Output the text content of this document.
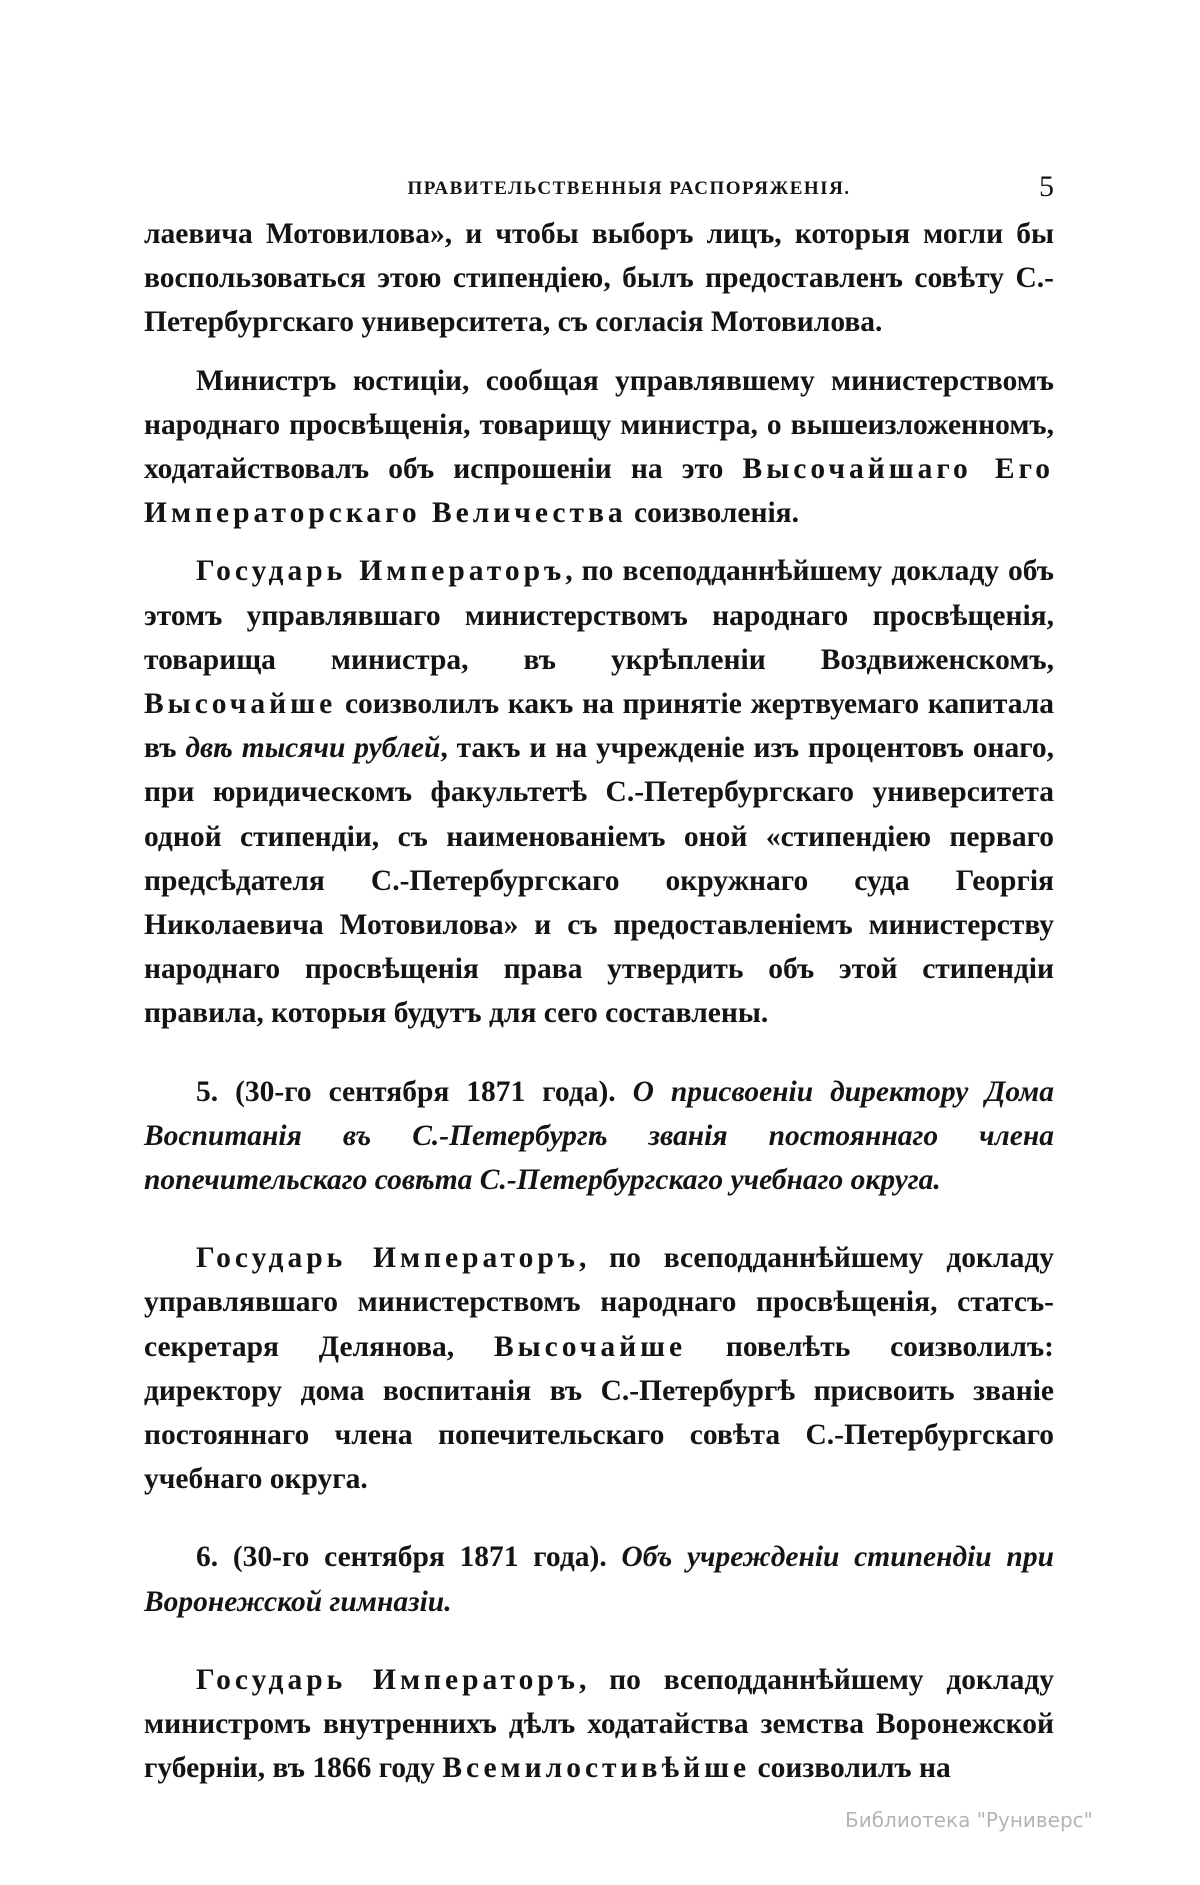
ПРАВИТЕЛЬСТВЕННЫЯ РАСПОРЯЖЕНІЯ.	5

лаевича Мотовилова», и чтобы выборъ лицъ, которыя могли бы воспользоваться этою стипендіею, былъ предоставленъ совѣту С.-Петербургскаго университета, съ согласія Мотовилова.

Министръ юстиціи, сообщая управлявшему министерствомъ народнаго просвѣщенія, товарищу министра, о вышеизложенномъ, ходатайствовалъ объ испрошеніи на это Высочайшаго Его Императорскаго Величества соизволенія.

Государь Императоръ, по всеподданнѣйшему докладу объ этомъ управлявшаго министерствомъ народнаго просвѣщенія, товарища министра, въ укрѣпленіи Воздвиженскомъ, Высочайше соизволилъ какъ на принятіе жертвуемаго капитала въ двѣ тысячи рублей, такъ и на учрежденіе изъ процентовъ онаго, при юридическомъ факультетѣ С.-Петербургскаго университета одной стипендіи, съ наименованіемъ оной «стипендіею перваго предсѣдателя С.-Петербургскаго окружнаго суда Георгія Николаевича Мотовилова» и съ предоставленіемъ министерству народнаго просвѣщенія права утвердить объ этой стипендіи правила, которыя будутъ для сего составлены.

5. (30-го сентября 1871 года). О присвоеніи директору Дома Воспитанія въ С.-Петербургѣ званія постояннаго члена попечительскаго совѣта С.-Петербургскаго учебнаго округа.

Государь Императоръ, по всеподданнѣйшему докладу управлявшаго министерствомъ народнаго просвѣщенія, статсъ-секретаря Делянова, Высочайше повелѣть соизволилъ: директору дома воспитанія въ С.-Петербургѣ присвоить званіе постояннаго члена попечительскаго совѣта С.-Петербургскаго учебнаго округа.

6. (30-го сентября 1871 года). Объ учрежденіи стипендіи при Воронежской гимназіи.

Государь Императоръ, по всеподданнѣйшему докладу министромъ внутреннихъ дѣлъ ходатайства земства Воронежской губерніи, въ 1866 году Всемилостивѣйше соизволилъ на

Библиотека "Руниверс"
